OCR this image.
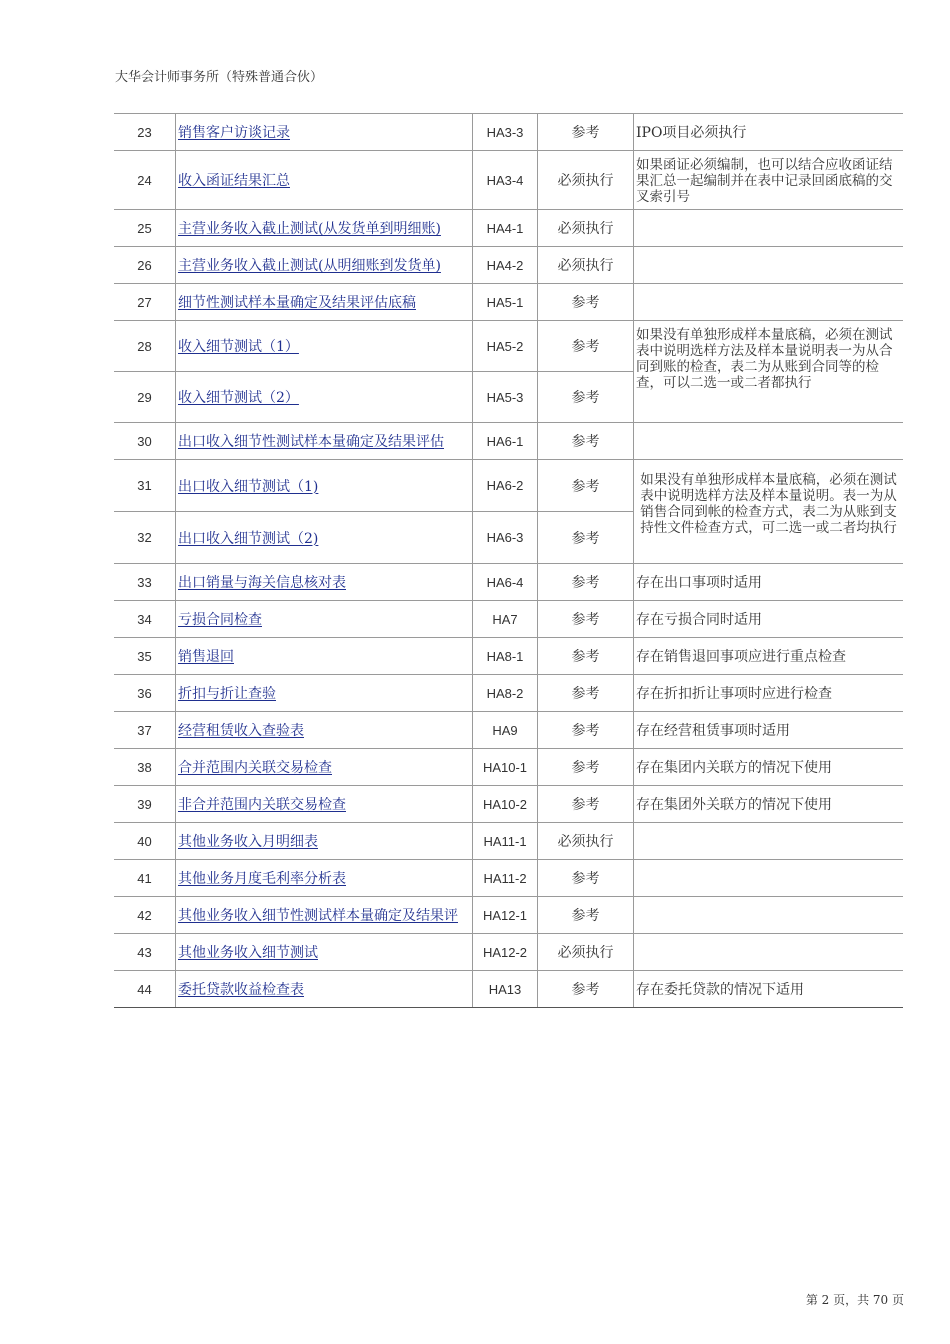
大华会计师事务所（特殊普通合伙）
23	销售客户访谈记录	HA3-3	参考	IPO项目必须执行
24	收入函证结果汇总	HA3-4	必须执行	如果函证必须编制，也可以结合应收函证结果汇总一起编制并在表中记录回函底稿的交叉索引号

25	主营业务收入截止测试(从发货单到明细账)	HA4-1	必须执行	
26	主营业务收入截止测试(从明细账到发货单)	HA4-2	必须执行	
27	细节性测试样本量确定及结果评估底稿	HA5-1	参考	
28	收入细节测试（1）	HA5-2	参考	如果没有单独形成样本量底稿，必须在测试表中说明选样方法及样本量说明表一为从合同到账的检查，表二为从账到合同等的检查，可以二选一或二者都执行

29	收入细节测试（2）	HA5-3	参考	
30	出口收入细节性测试样本量确定及结果评估	HA6-1	参考	
31	出口收入细节测试（1)	HA6-2	参考	如果没有单独形成样本量底稿，必须在测试表中说明选样方法及样本量说明。表一为从销售合同到帐的检查方式，表二为从账到支持性文件检查方式，可二选一或二者均执行

32	出口收入细节测试（2)	HA6-3	参考	
33	出口销量与海关信息核对表	HA6-4	参考	存在出口事项时适用
34	亏损合同检查	HA7	参考	存在亏损合同时适用
35	销售退回	HA8-1	参考	存在销售退回事项应进行重点检查
36	折扣与折让查验	HA8-2	参考	存在折扣折让事项时应进行检查
37	经营租赁收入查验表	HA9	参考	存在经营租赁事项时适用
38	合并范围内关联交易检查	HA10-1	参考	存在集团内关联方的情况下使用
39	非合并范围内关联交易检查	HA10-2	参考	存在集团外关联方的情况下使用
40	其他业务收入月明细表	HA11-1	必须执行	
41	其他业务月度毛利率分析表	HA11-2	参考	
42	其他业务收入细节性测试样本量确定及结果评	HA12-1	参考	
43	其他业务收入细节测试	HA12-2	必须执行	
44	委托贷款收益检查表	HA13	参考	存在委托贷款的情况下适用
第 2 页，共 70 页
